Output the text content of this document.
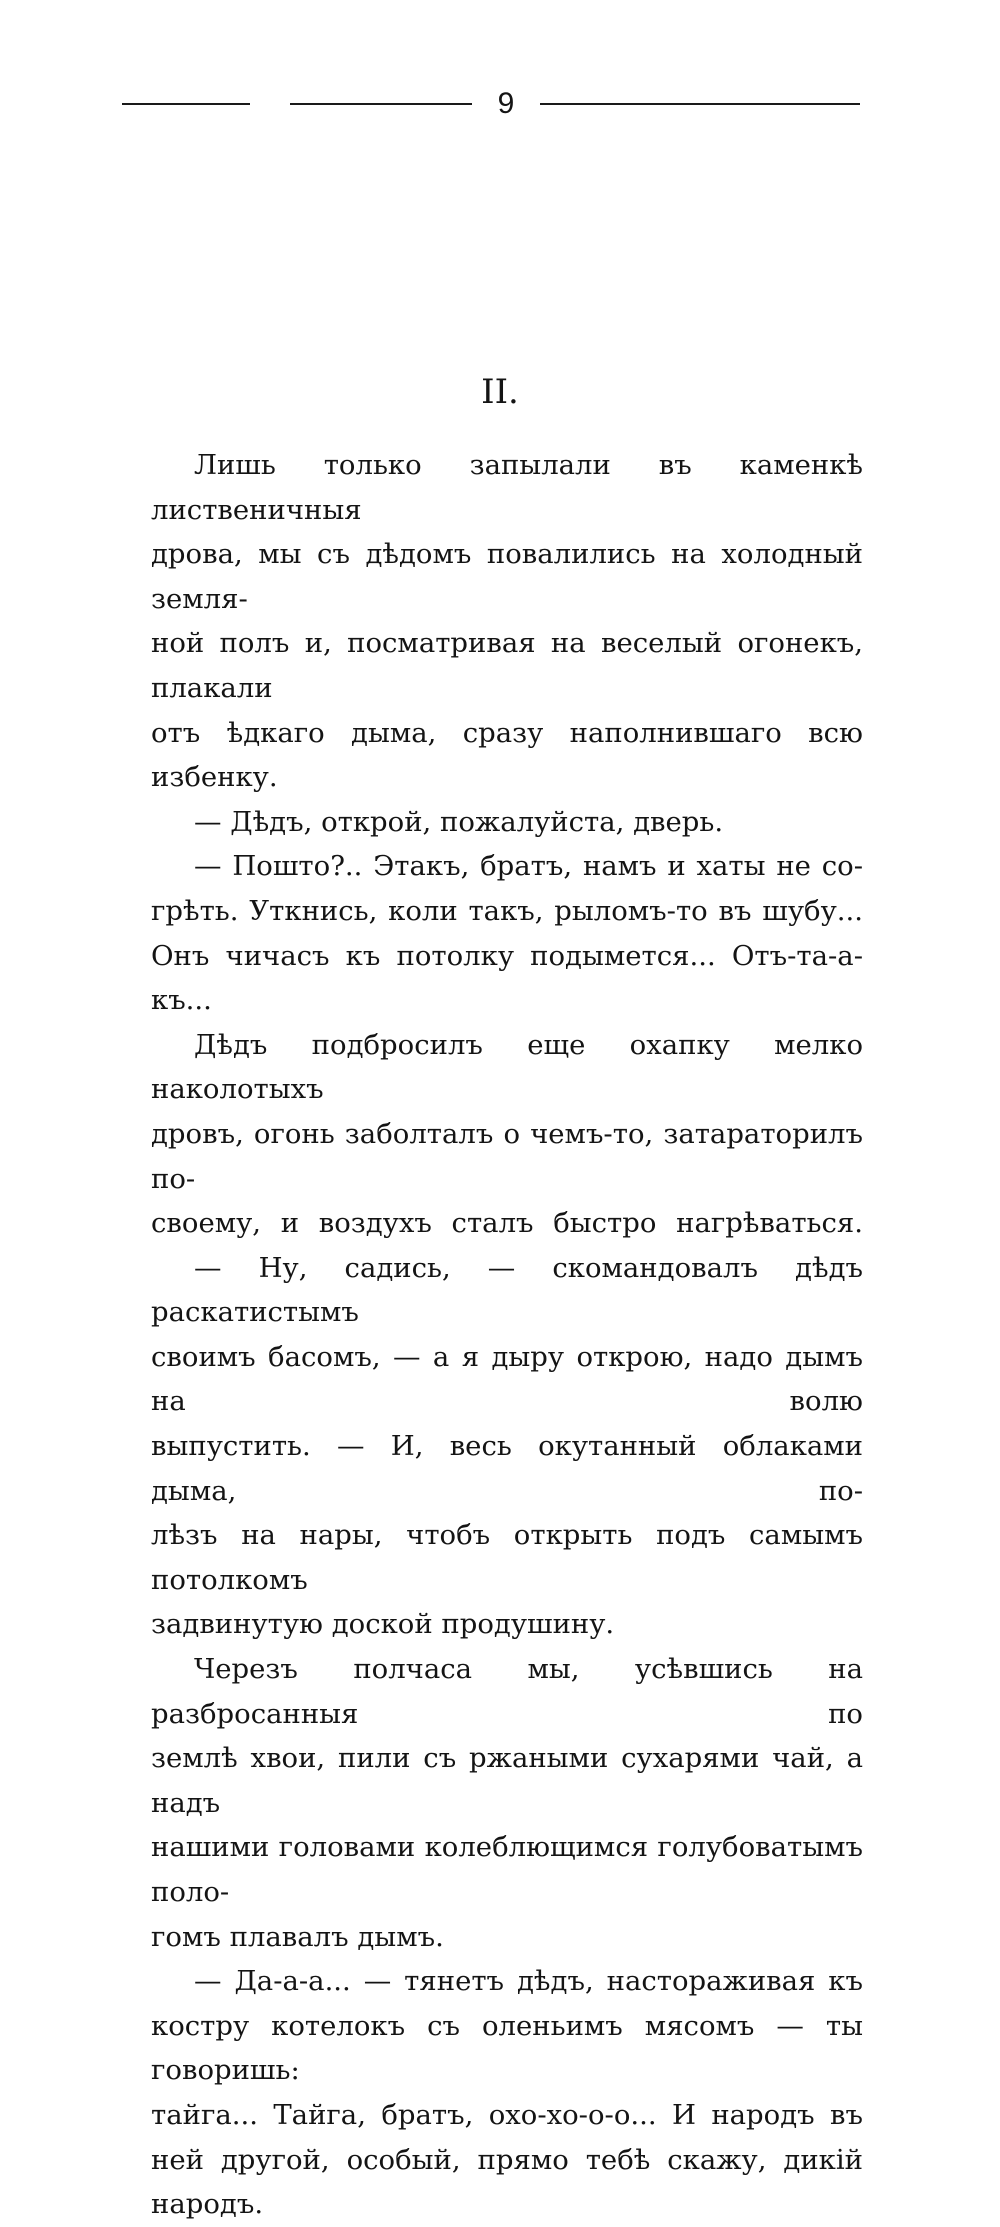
9
II.

Лишь только запылали въ каменкѣ лиственичныя

дрова, мы съ дѣдомъ повалились на холодный земля-

ной полъ и, посматривая на веселый огонекъ, плакали

отъ ѣдкаго дыма, сразу наполнившаго всю избенку.

— Дѣдъ, открой, пожалуйста, дверь.

— Пошто?.. Этакъ, братъ, намъ и хаты не со-

грѣть. Уткнись, коли такъ, рыломъ-то въ шубу...

Онъ чичасъ къ потолку подымется... Отъ-та-а-къ...

Дѣдъ подбросилъ еще охапку мелко наколотыхъ

дровъ, огонь заболталъ о чемъ-то, затараторилъ по-

своему, и воздухъ сталъ быстро нагрѣваться.

— Ну, садись, — скомандовалъ дѣдъ раскатистымъ

своимъ басомъ, — а я дыру открою, надо дымъ на волю

выпустить. — И, весь окутанный облаками дыма, по-

лѣзъ на нары, чтобъ открыть подъ самымъ потолкомъ

задвинутую доской продушину.

Черезъ полчаса мы, усѣвшись на разбросанныя по

землѣ хвои, пили съ ржаными сухарями чай, а надъ

нашими головами колеблющимся голубоватымъ поло-

гомъ плавалъ дымъ.

— Да-а-а... — тянетъ дѣдъ, настораживая къ

костру котелокъ съ оленьимъ мясомъ — ты говоришь:

тайга... Тайга, братъ, охо-хо-о-о... И народъ въ

ней другой, особый, прямо тебѣ скажу, дикій народъ.
